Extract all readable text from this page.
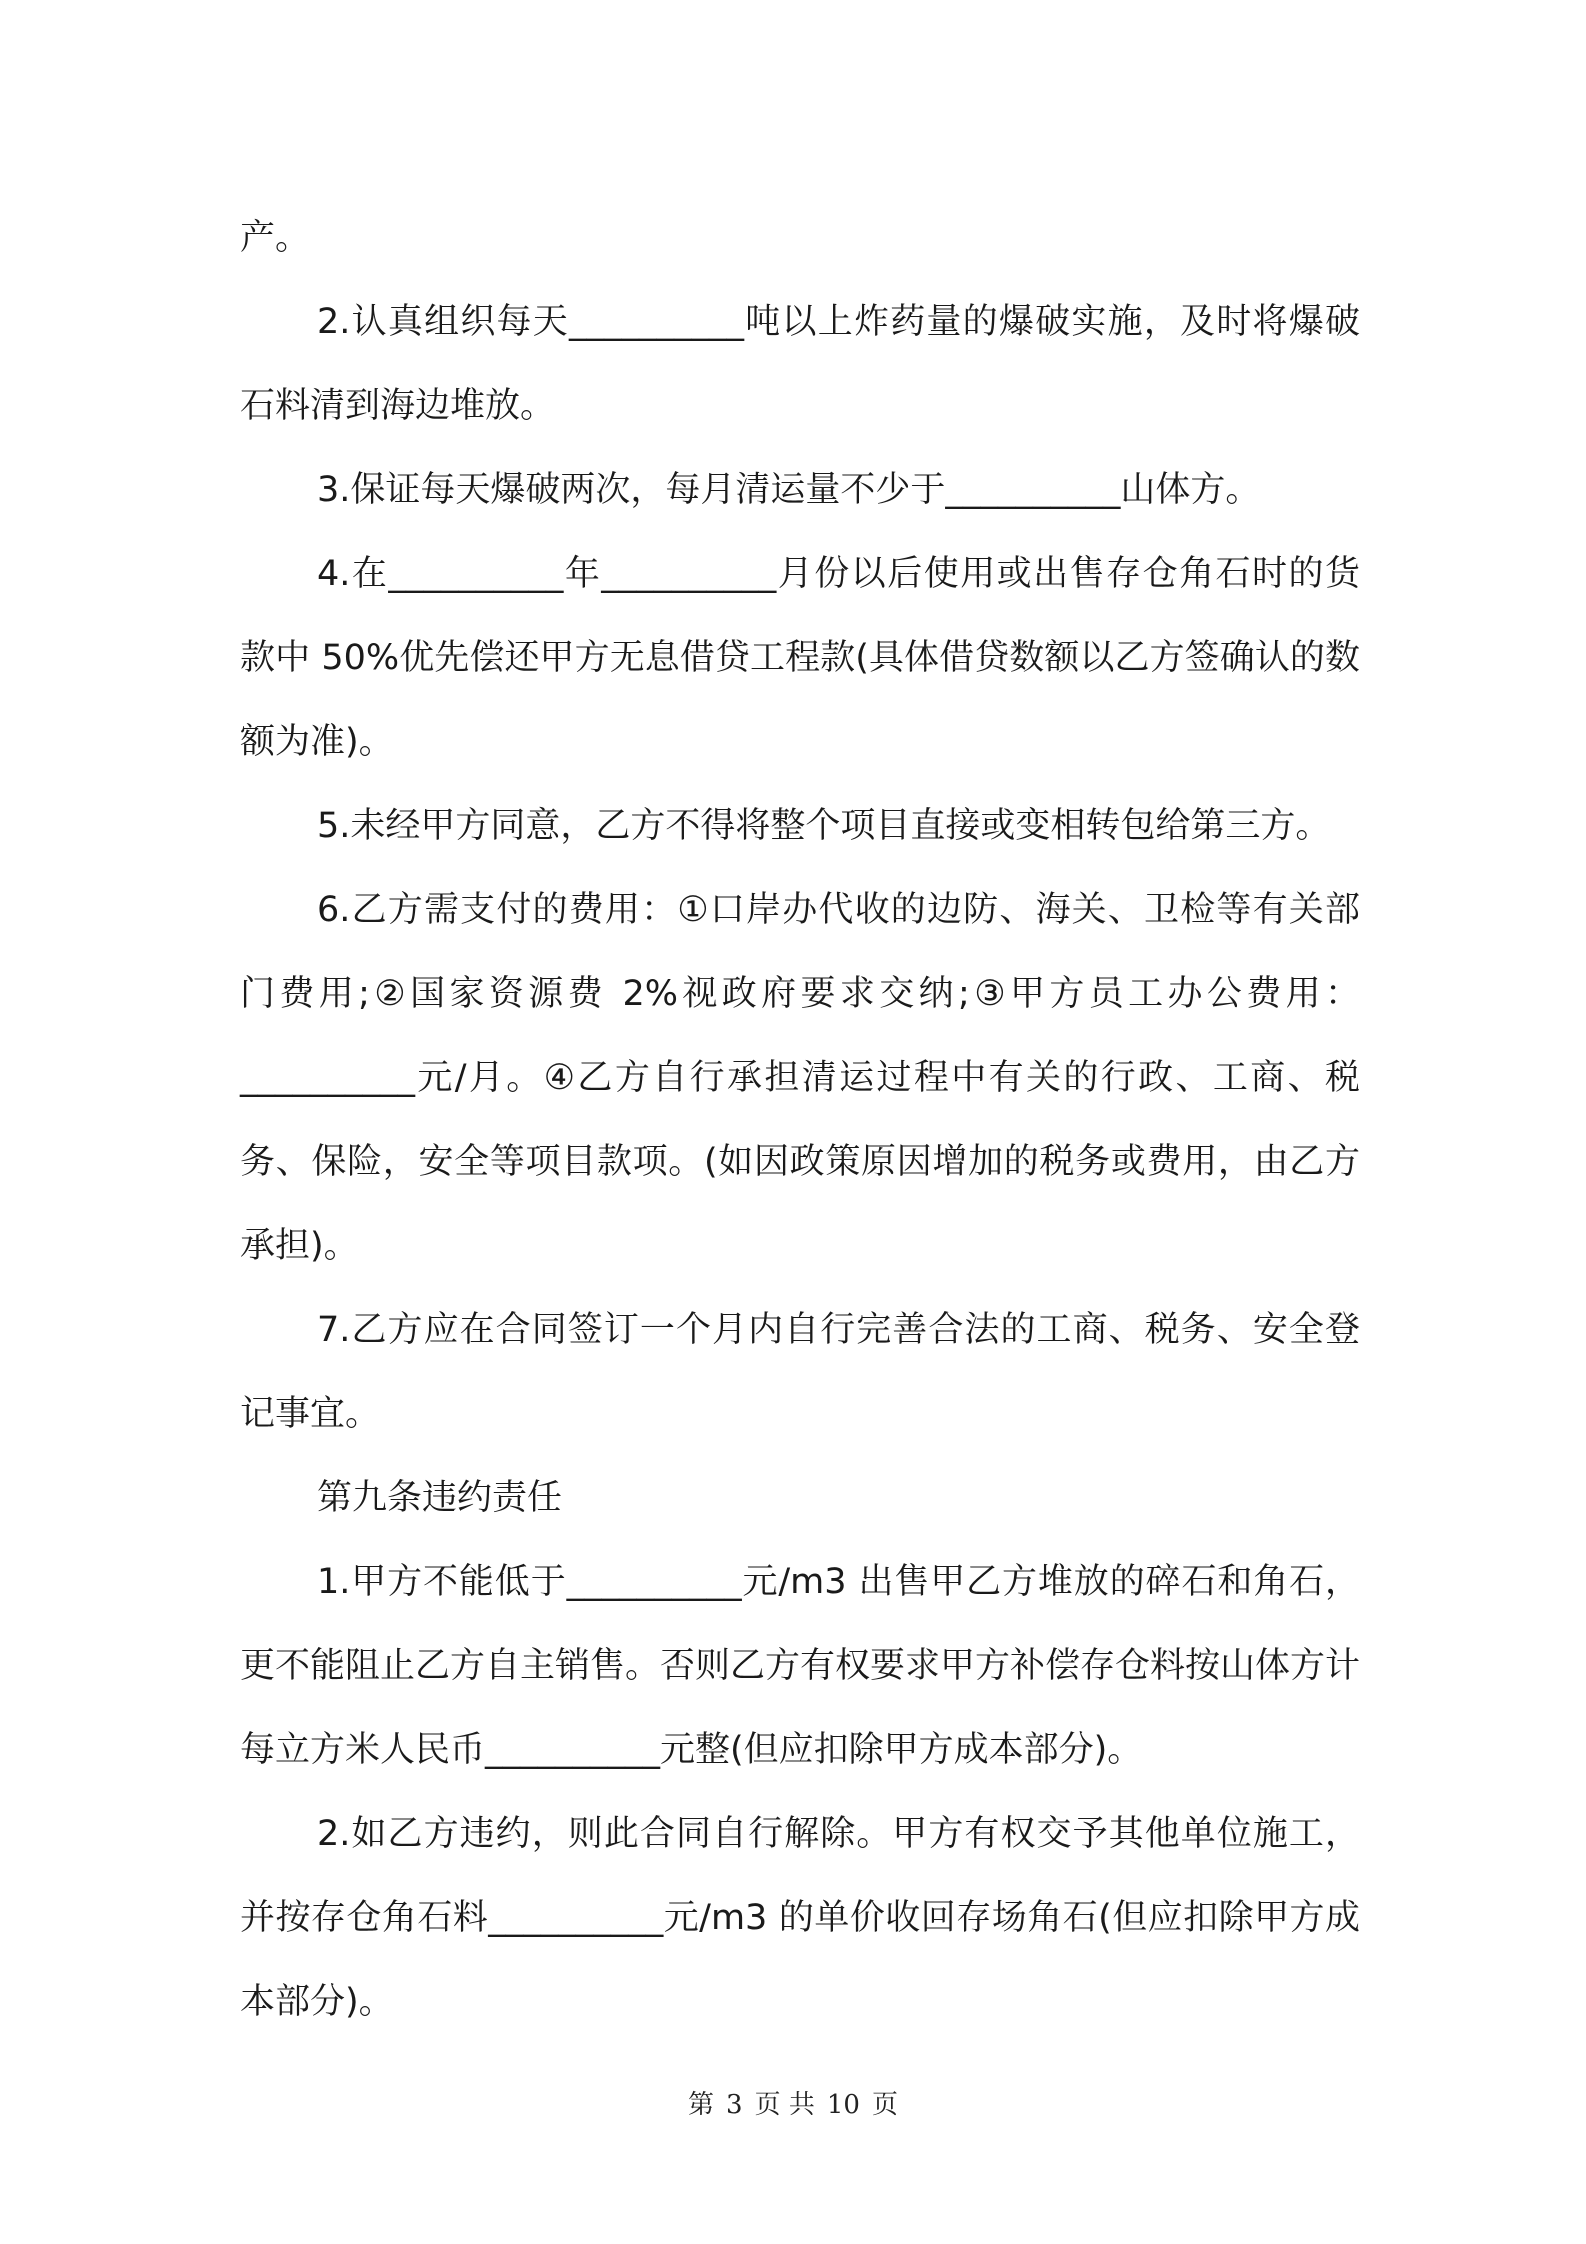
产。

2.认真组织每天__________吨以上炸药量的爆破实施，及时将爆破石料清到海边堆放。

3.保证每天爆破两次，每月清运量不少于__________山体方。

4.在__________年__________月份以后使用或出售存仓角石时的货款中 50%优先偿还甲方无息借贷工程款(具体借贷数额以乙方签确认的数额为准)。

5.未经甲方同意，乙方不得将整个项目直接或变相转包给第三方。

6.乙方需支付的费用：①口岸办代收的边防、海关、卫检等有关部门费用;②国家资源费 2%视政府要求交纳;③甲方员工办公费用：__________元/月。④乙方自行承担清运过程中有关的行政、工商、税务、保险，安全等项目款项。(如因政策原因增加的税务或费用，由乙方承担)。

7.乙方应在合同签订一个月内自行完善合法的工商、税务、安全登记事宜。

第九条违约责任

1.甲方不能低于__________元/m3 出售甲乙方堆放的碎石和角石，更不能阻止乙方自主销售。否则乙方有权要求甲方补偿存仓料按山体方计每立方米人民币__________元整(但应扣除甲方成本部分)。

2.如乙方违约，则此合同自行解除。甲方有权交予其他单位施工，并按存仓角石料__________元/m3 的单价收回存场角石(但应扣除甲方成本部分)。

第 3 页 共 10 页
